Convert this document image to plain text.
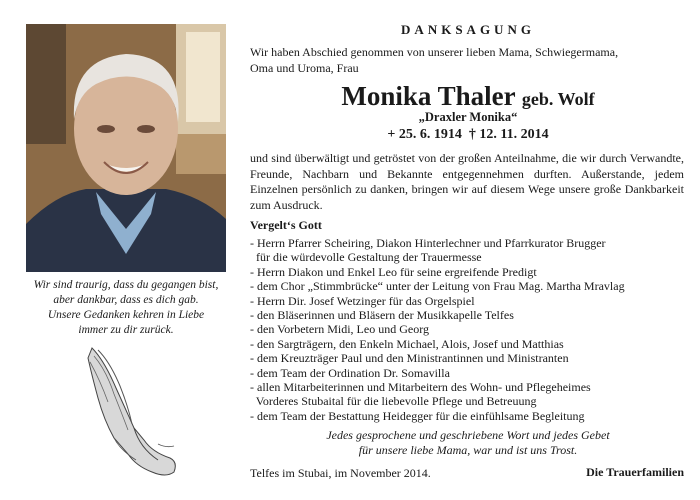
Wir sind traurig, dass du gegangen bist,
aber dankbar, dass es dich gab.
Unsere Gedanken kehren in Liebe
immer zu dir zurück.
DANKSAGUNG
Wir haben Abschied genommen von unserer lieben Mama, Schwiegermama,
Oma und Uroma, Frau
Monika Thaler geb. Wolf
„Draxler Monika“
+ 25. 6. 1914  † 12. 11. 2014
und sind überwältigt und getröstet von der großen Anteilnahme, die wir durch Verwandte, Freunde, Nachbarn und Bekannte entgegennehmen durften. Außerstande, jedem Einzelnen persönlich zu danken, bringen wir auf diesem Wege unsere große Dankbarkeit zum Ausdruck.
Vergelt‘s Gott
- Herrn Pfarrer Scheiring, Diakon Hinterlechner und Pfarrkurator Brugger
für die würdevolle Gestaltung der Trauermesse
- Herrn Diakon und Enkel Leo für seine ergreifende Predigt
- dem Chor „Stimmbrücke“ unter der Leitung von Frau Mag. Martha Mravlag
- Herrn Dir. Josef Wetzinger für das Orgelspiel
- den Bläserinnen und Bläsern der Musikkapelle Telfes
- den Vorbetern Midi, Leo und Georg
- den Sargträgern, den Enkeln Michael, Alois, Josef und Matthias
- dem Kreuzträger Paul und den Ministrantinnen und Ministranten
- dem Team der Ordination Dr. Somavilla
- allen Mitarbeiterinnen und Mitarbeitern des Wohn- und Pflegeheimes
Vorderes Stubaital für die liebevolle Pflege und Betreuung
- dem Team der Bestattung Heidegger für die einfühlsame Begleitung
Jedes gesprochene und geschriebene Wort und jedes Gebet
für unsere liebe Mama, war und ist uns Trost.
Telfes im Stubai, im November 2014.	Die Trauerfamilien
